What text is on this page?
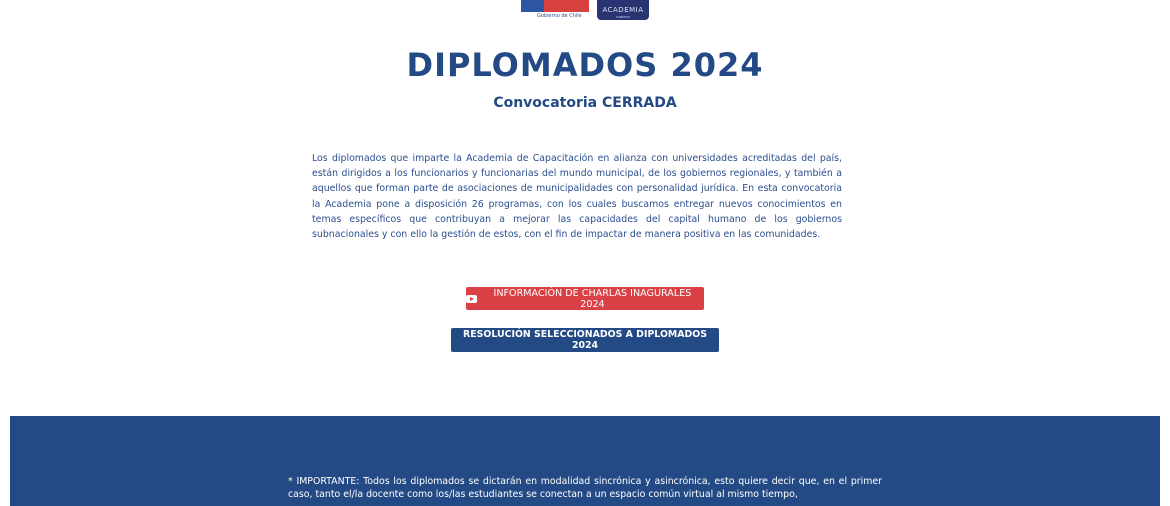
Gobierno de Chile
ACADEMIA
SUBDERE
DIPLOMADOS 2024
Convocatoria CERRADA

Los diplomados que imparte la Academia de Capacitación en alianza con universidades acreditadas del país, están dirigidos a los funcionarios y funcionarias del mundo municipal, de los gobiernos regionales, y también a aquellos que forman parte de asociaciones de municipalidades con personalidad jurídica. En esta convocatoria la Academia pone a disposición 26 programas, con los cuales buscamos entregar nuevos conocimientos en temas específicos que contribuyan a mejorar las capacidades del capital humano de los gobiernos subnacionales y con ello la gestión de estos, con el fin de impactar de manera positiva en las comunidades.

INFORMACIÓN DE CHARLAS INAGURALES 2024
RESOLUCIÓN SELECCIONADOS A DIPLOMADOS 2024

* IMPORTANTE: Todos los diplomados se dictarán en modalidad sincrónica y asincrónica, esto quiere decir que, en el primer caso, tanto el/la docente como los/las estudiantes se conectan a un espacio común virtual al mismo tiempo,
